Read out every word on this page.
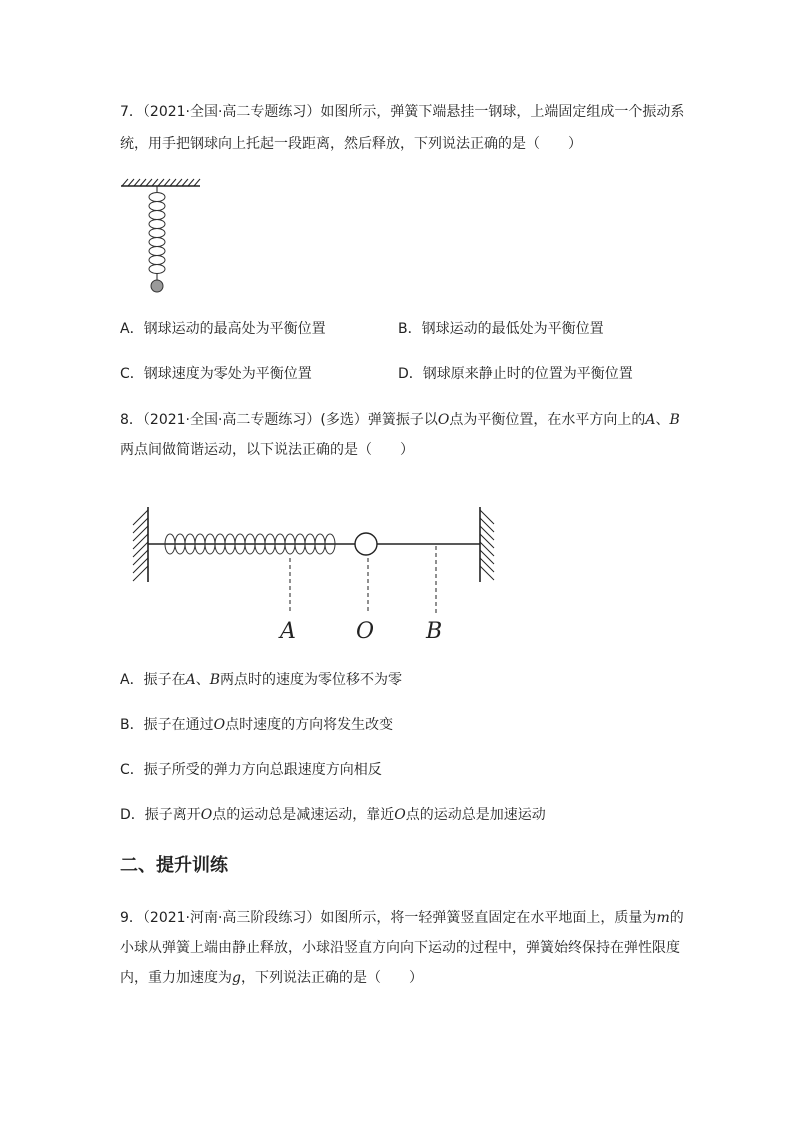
7．（2021·全国·高二专题练习）如图所示，弹簧下端悬挂一钢球，上端固定组成一个振动系
统，用手把钢球向上托起一段距离，然后释放，下列说法正确的是（　　）
A．钢球运动的最高处为平衡位置	B．钢球运动的最低处为平衡位置
C．钢球速度为零处为平衡位置	D．钢球原来静止时的位置为平衡位置
8．（2021·全国·高二专题练习）(多选）弹簧振子以O点为平衡位置，在水平方向上的A、B
两点间做简谐运动，以下说法正确的是（　　）
A	O B
A．振子在A、B两点时的速度为零位移不为零
B．振子在通过O点时速度的方向将发生改变
C．振子所受的弹力方向总跟速度方向相反
D．振子离开O点的运动总是减速运动，靠近O点的运动总是加速运动
二、提升训练
9．（2021·河南·高三阶段练习）如图所示，将一轻弹簧竖直固定在水平地面上，质量为m的
小球从弹簧上端由静止释放，小球沿竖直方向向下运动的过程中，弹簧始终保持在弹性限度
内，重力加速度为g，下列说法正确的是（　　）
